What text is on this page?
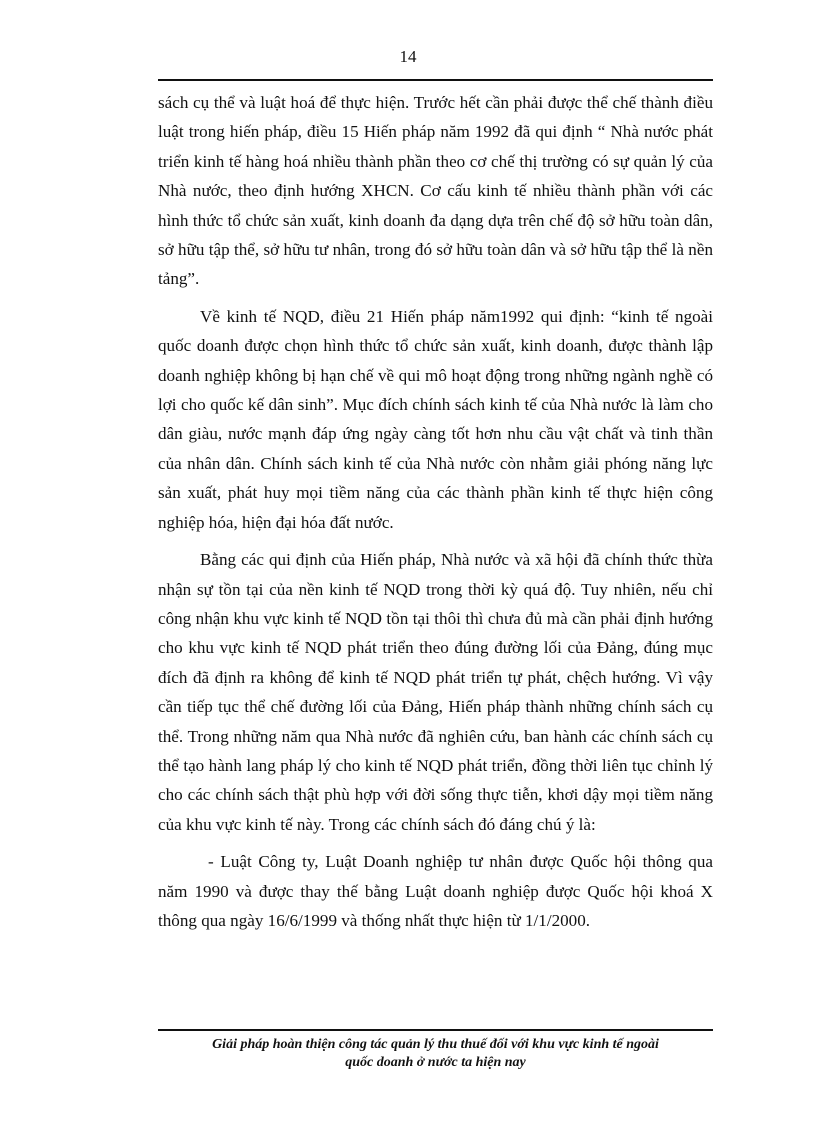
14

sách cụ thể và luật hoá để thực hiện. Trước hết cần phải được thể chế thành điều luật trong hiến pháp, điều 15 Hiến pháp năm 1992 đã qui định “ Nhà nước phát triển kinh tế hàng hoá nhiều thành phần theo cơ chế thị trường có sự quản lý của Nhà nước, theo định hướng XHCN. Cơ cấu kinh tế nhiều thành phần với các hình thức tổ chức sản xuất, kinh doanh đa dạng dựa trên chế độ sở hữu toàn dân, sở hữu tập thể, sở hữu tư nhân, trong đó sở hữu toàn dân và sở hữu tập thể là nền tảng”.

Về kinh tế NQD, điều 21 Hiến pháp năm1992 qui định: “kinh tế ngoài quốc doanh được chọn hình thức tổ chức sản xuất, kinh doanh, được thành lập doanh nghiệp không bị hạn chế về qui mô hoạt động trong những ngành nghề có lợi cho quốc kế dân sinh”. Mục đích chính sách kinh tế của Nhà nước là làm cho dân giàu, nước mạnh đáp ứng ngày càng tốt hơn nhu cầu vật chất và tinh thần của nhân dân. Chính sách kinh tế của Nhà nước còn nhằm giải phóng năng lực sản xuất, phát huy mọi tiềm năng của các thành phần kinh tế thực hiện công nghiệp hóa, hiện đại hóa đất nước.

Bằng các qui định của Hiến pháp, Nhà nước và xã hội đã chính thức thừa nhận sự tồn tại của nền kinh tế NQD trong thời kỳ quá độ. Tuy nhiên, nếu chỉ công nhận khu vực kinh tế NQD tồn tại thôi thì chưa đủ mà cần phải định hướng cho khu vực kinh tế NQD phát triển theo đúng đường lối của Đảng, đúng mục đích đã định ra không để kinh tế NQD phát triển tự phát, chệch hướng. Vì vậy cần tiếp tục thể chế đường lối của Đảng, Hiến pháp thành những chính sách cụ thể. Trong những năm qua Nhà nước đã nghiên cứu, ban hành các chính sách cụ thể tạo hành lang pháp lý cho kinh tế NQD phát triển, đồng thời liên tục chỉnh lý cho các chính sách thật phù hợp với đời sống thực tiễn, khơi dậy mọi tiềm năng của khu vực kinh tế này. Trong các chính sách đó đáng chú ý là:

- Luật Công ty, Luật Doanh nghiệp tư nhân được Quốc hội thông qua năm 1990 và được thay thế bằng Luật doanh nghiệp được Quốc hội khoá X thông qua ngày 16/6/1999 và thống nhất thực hiện từ 1/1/2000.

Giải pháp hoàn thiện công tác quản lý thu thuế đối với khu vực kinh tế ngoài
quốc doanh ở nước ta hiện nay
